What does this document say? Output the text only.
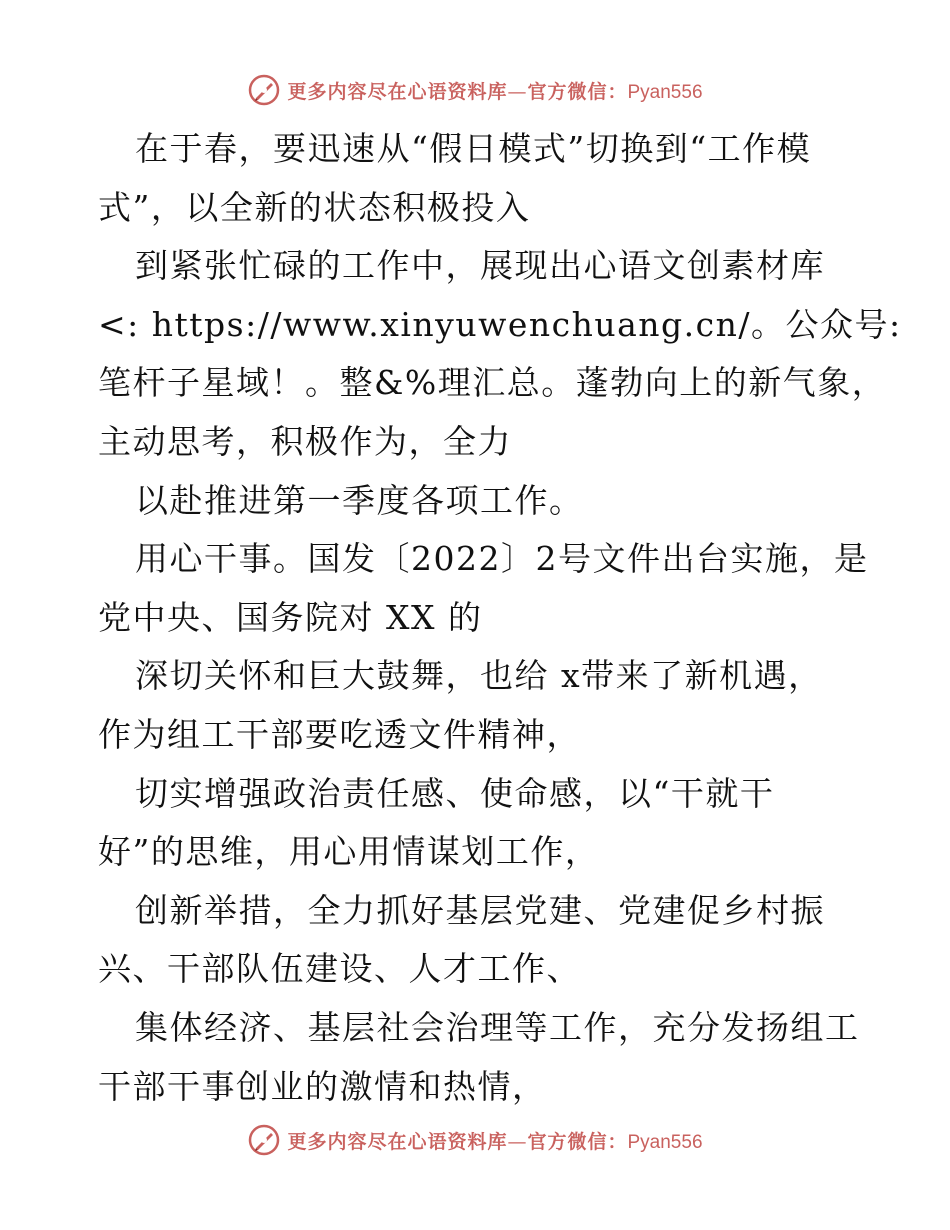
更多内容尽在心语资料库—官方微信：Pyan556
在于春，要迅速从“假日模式”切换到“工作模
式”，以全新的状态积极投入
到紧张忙碌的工作中，展现出心语文创素材库
<: https://www.xinyuwenchuang.cn/。公众号:
笔杆子星域！。整&%理汇总。蓬勃向上的新气象，
主动思考，积极作为，全力
以赴推进第一季度各项工作。
用心干事。国发〔2022〕2号文件出台实施，是
党中央、国务院对 XX 的
深切关怀和巨大鼓舞，也给 x带来了新机遇，
作为组工干部要吃透文件精神，
切实增强政治责任感、使命感，以“干就干
好”的思维，用心用情谋划工作，
创新举措，全力抓好基层党建、党建促乡村振
兴、干部队伍建设、人才工作、
集体经济、基层社会治理等工作，充分发扬组工
干部干事创业的激情和热情，
更多内容尽在心语资料库—官方微信：Pyan556
